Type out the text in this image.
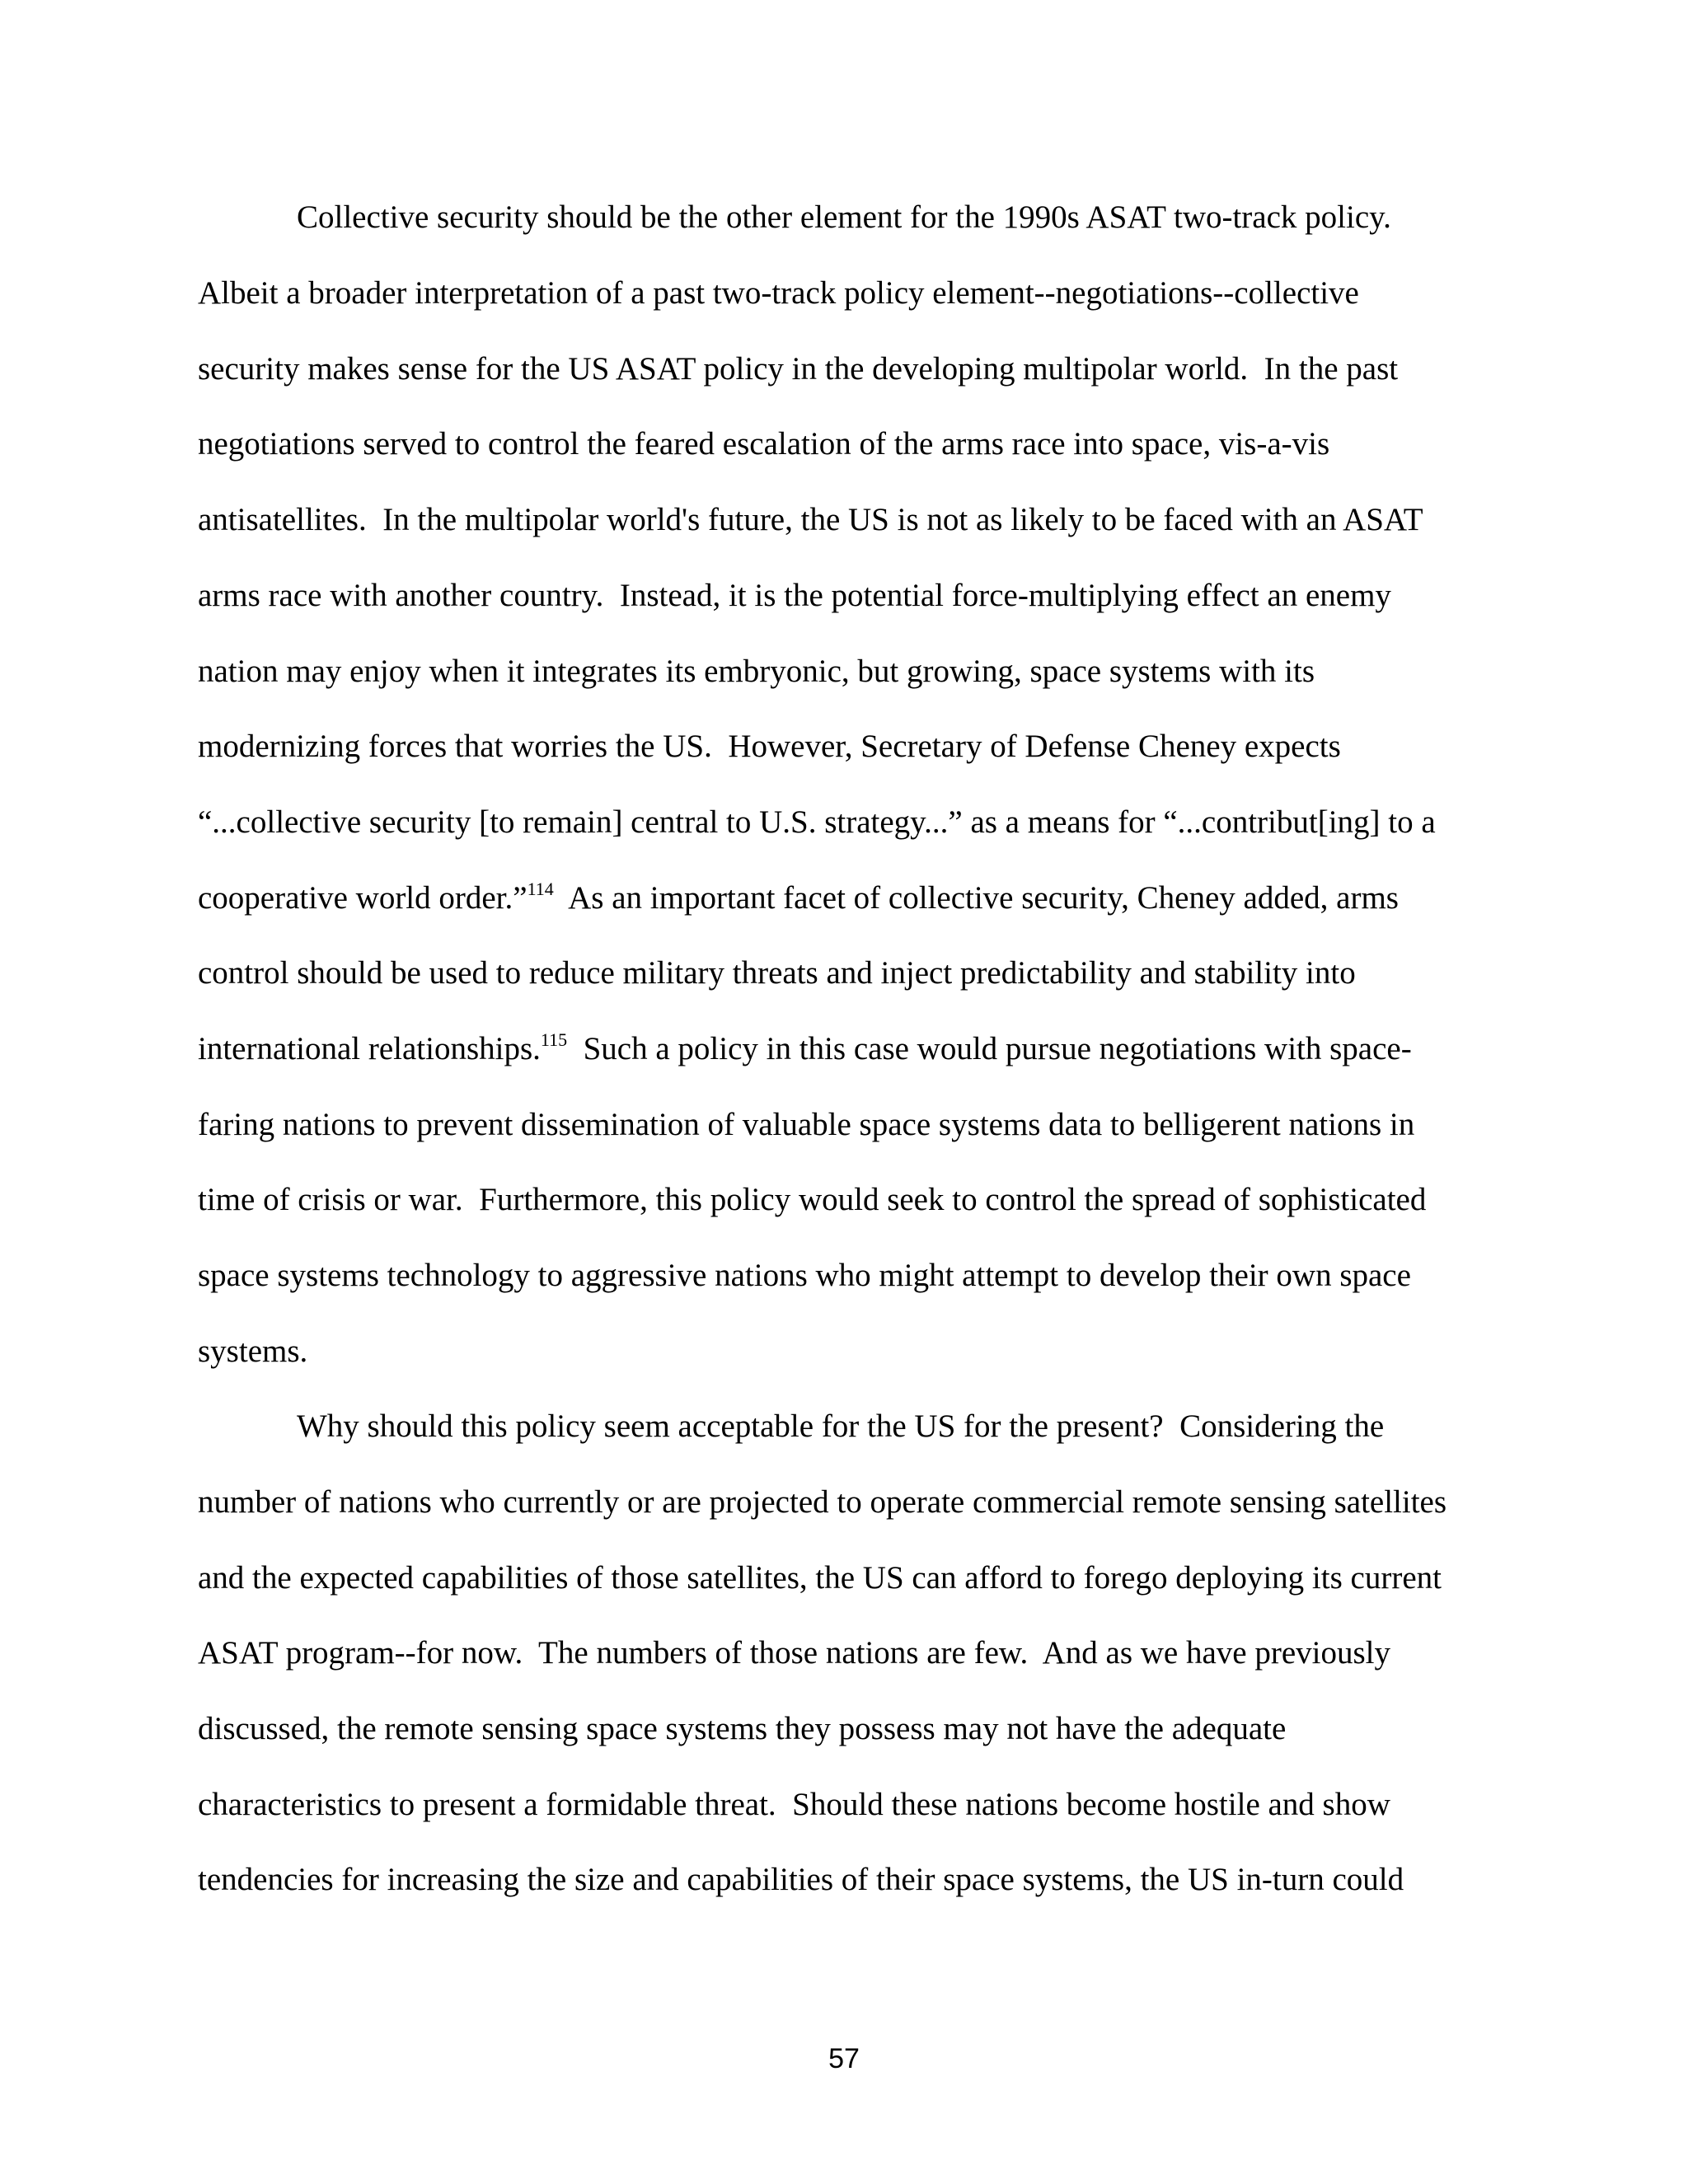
Collective security should be the other element for the 1990s ASAT two-track policy.

Albeit a broader interpretation of a past two-track policy element--negotiations--collective

security makes sense for the US ASAT policy in the developing multipolar world.  In the past

negotiations served to control the feared escalation of the arms race into space, vis-a-vis

antisatellites.  In the multipolar world's future, the US is not as likely to be faced with an ASAT

arms race with another country.  Instead, it is the potential force-multiplying effect an enemy

nation may enjoy when it integrates its embryonic, but growing, space systems with its

modernizing forces that worries the US.  However, Secretary of Defense Cheney expects

“...collective security [to remain] central to U.S. strategy...” as a means for “...contribut[ing] to a

cooperative world order.”$^{114}$  As an important facet of collective security, Cheney added, arms

control should be used to reduce military threats and inject predictability and stability into

international relationships.$^{115}$  Such a policy in this case would pursue negotiations with space-

faring nations to prevent dissemination of valuable space systems data to belligerent nations in

time of crisis or war.  Furthermore, this policy would seek to control the spread of sophisticated

space systems technology to aggressive nations who might attempt to develop their own space

systems.

Why should this policy seem acceptable for the US for the present?  Considering the

number of nations who currently or are projected to operate commercial remote sensing satellites

and the expected capabilities of those satellites, the US can afford to forego deploying its current

ASAT program--for now.  The numbers of those nations are few.  And as we have previously

discussed, the remote sensing space systems they possess may not have the adequate

characteristics to present a formidable threat.  Should these nations become hostile and show

tendencies for increasing the size and capabilities of their space systems, the US in-turn could

57
